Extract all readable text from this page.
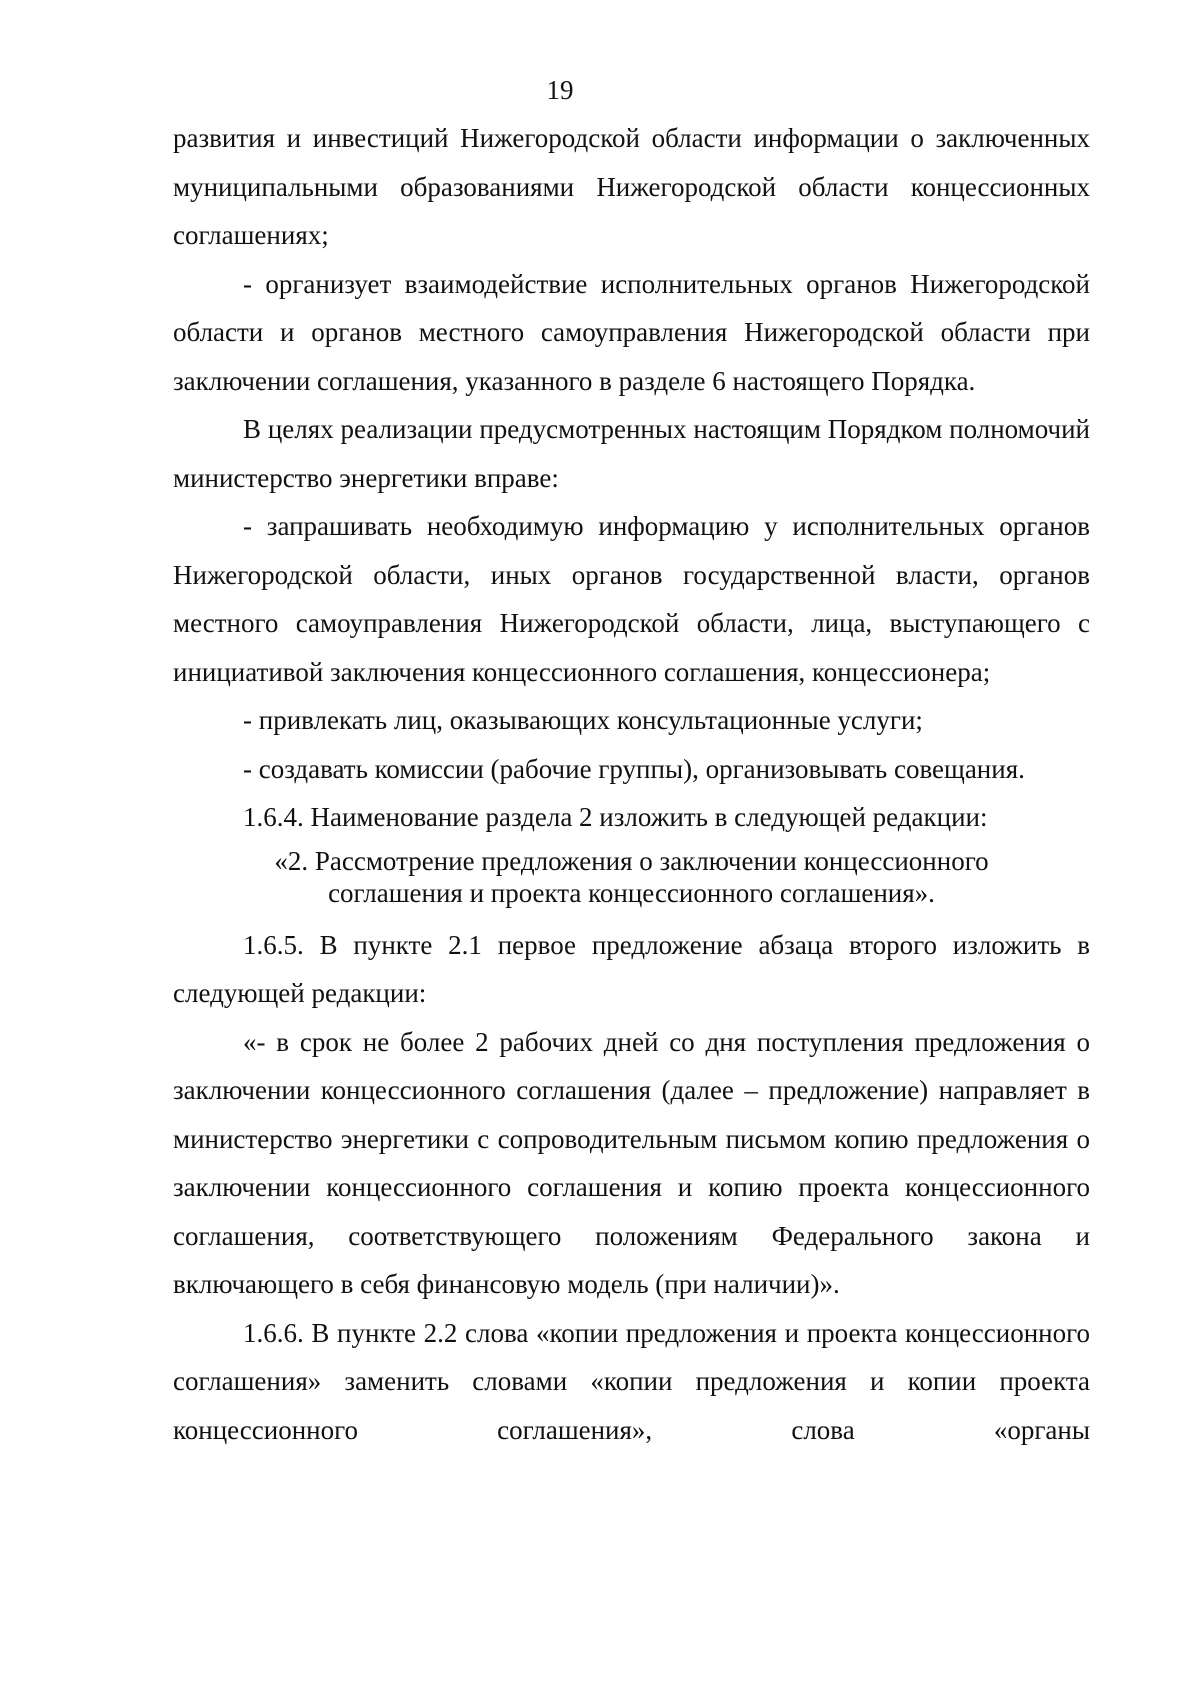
19

развития и инвестиций Нижегородской области информации о заключенных муниципальными образованиями Нижегородской области концессионных соглашениях;

- организует взаимодействие исполнительных органов Нижегородской области и органов местного самоуправления Нижегородской области при заключении соглашения, указанного в разделе 6 настоящего Порядка.

В целях реализации предусмотренных настоящим Порядком полномочий министерство энергетики вправе:

- запрашивать необходимую информацию у исполнительных органов Нижегородской области, иных органов государственной власти, органов местного самоуправления Нижегородской области, лица, выступающего с инициативой заключения концессионного соглашения, концессионера;

- привлекать лиц, оказывающих консультационные услуги;

- создавать комиссии (рабочие группы), организовывать совещания.

1.6.4. Наименование раздела 2 изложить в следующей редакции:

«2. Рассмотрение предложения о заключении концессионного соглашения и проекта концессионного соглашения».

1.6.5. В пункте 2.1 первое предложение абзаца второго изложить в следующей редакции:

«- в срок не более 2 рабочих дней со дня поступления предложения о заключении концессионного соглашения (далее – предложение) направляет в министерство энергетики с сопроводительным письмом копию предложения о заключении концессионного соглашения и копию проекта концессионного соглашения, соответствующего положениям Федерального закона и включающего в себя финансовую модель (при наличии)».

1.6.6. В пункте 2.2 слова «копии предложения и проекта концессионного соглашения» заменить словами «копии предложения и копии проекта концессионного соглашения», слова «органы
